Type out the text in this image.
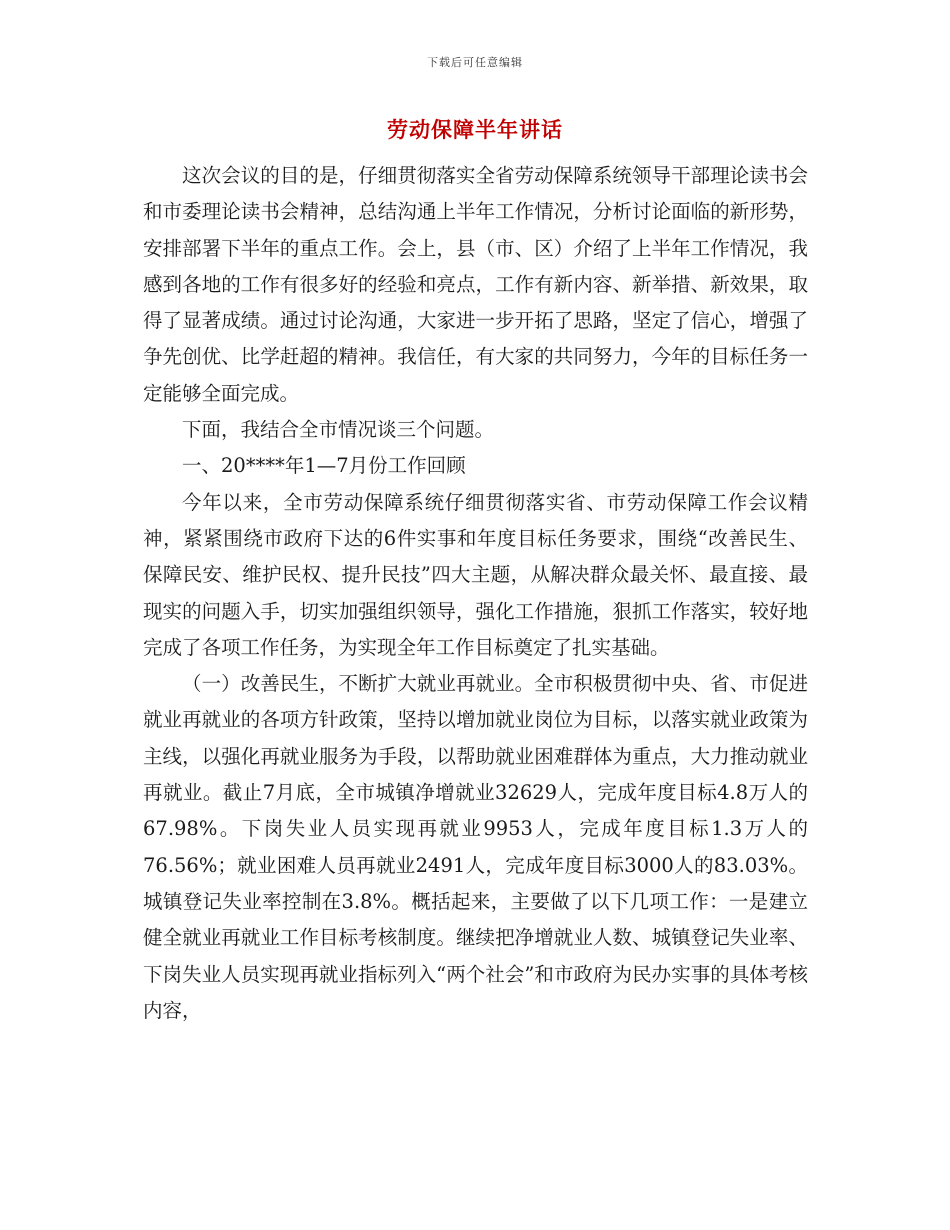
下载后可任意编辑
劳动保障半年讲话

这次会议的目的是，仔细贯彻落实全省劳动保障系统领导干部理论读书会和市委理论读书会精神，总结沟通上半年工作情况，分析讨论面临的新形势，安排部署下半年的重点工作。会上，县（市、区）介绍了上半年工作情况，我感到各地的工作有很多好的经验和亮点，工作有新内容、新举措、新效果，取得了显著成绩。通过讨论沟通，大家进一步开拓了思路，坚定了信心，增强了争先创优、比学赶超的精神。我信任，有大家的共同努力，今年的目标任务一定能够全面完成。

下面，我结合全市情况谈三个问题。

一、20****年1—7月份工作回顾

今年以来，全市劳动保障系统仔细贯彻落实省、市劳动保障工作会议精神，紧紧围绕市政府下达的6件实事和年度目标任务要求，围绕“改善民生、保障民安、维护民权、提升民技”四大主题，从解决群众最关怀、最直接、最现实的问题入手，切实加强组织领导，强化工作措施，狠抓工作落实，较好地完成了各项工作任务，为实现全年工作目标奠定了扎实基础。

（一）改善民生，不断扩大就业再就业。全市积极贯彻中央、省、市促进就业再就业的各项方针政策，坚持以增加就业岗位为目标，以落实就业政策为主线，以强化再就业服务为手段，以帮助就业困难群体为重点，大力推动就业再就业。截止7月底，全市城镇净增就业32629人，完成年度目标4.8万人的67.98%。下岗失业人员实现再就业9953人，完成年度目标1.3万人的76.56%；就业困难人员再就业2491人，完成年度目标3000人的83.03%。城镇登记失业率控制在3.8%。概括起来，主要做了以下几项工作：一是建立健全就业再就业工作目标考核制度。继续把净增就业人数、城镇登记失业率、下岗失业人员实现再就业指标列入“两个社会”和市政府为民办实事的具体考核内容，
